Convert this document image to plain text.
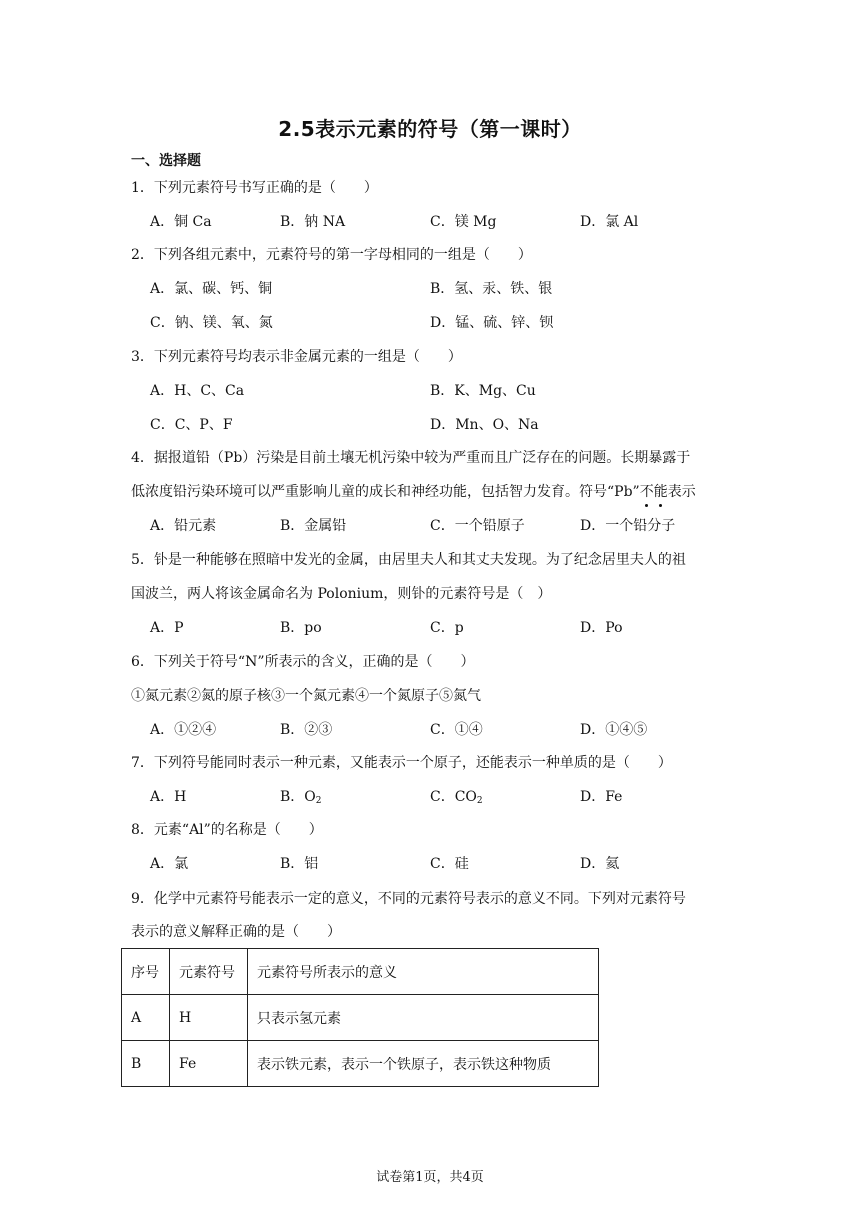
2.5表示元素的符号（第一课时）
一、选择题
1．下列元素符号书写正确的是（　　）
A．铜 Ca	B．钠 NA	C．镁 Mg	D．氯 Al
2．下列各组元素中，元素符号的第一字母相同的一组是（　　）
A．氯、碳、钙、铜	B．氢、汞、铁、银
C．钠、镁、氧、氮	D．锰、硫、锌、钡
3．下列元素符号均表示非金属元素的一组是（　　）
A．H、C、Ca	B．K、Mg、Cu
C．C、P、F	D．Mn、O、Na
4．据报道铅（Pb）污染是目前土壤无机污染中较为严重而且广泛存在的问题。长期暴露于
低浓度铅污染环境可以严重影响儿童的成长和神经功能，包括智力发育。符号“Pb”不能表示
A．铅元素	B．金属铅	C．一个铅原子	D．一个铅分子
5．钋是一种能够在照暗中发光的金属，由居里夫人和其丈夫发现。为了纪念居里夫人的祖
国波兰，两人将该金属命名为 Polonium，则钋的元素符号是（　）
A．P	B．po	C．p	D．Po
6．下列关于符号“N”所表示的含义，正确的是（　　）
①氮元素②氮的原子核③一个氮元素④一个氮原子⑤氮气
A．①②④	B．②③	C．①④	D．①④⑤
7．下列符号能同时表示一种元素，又能表示一个原子，还能表示一种单质的是（　　）
A．H	B．$O_2$	C．$CO_2$	D．Fe
8．元素“Al”的名称是（　　）
A．氯	B．铝	C．硅	D．氦
9．化学中元素符号能表示一定的意义，不同的元素符号表示的意义不同。下列对元素符号
表示的意义解释正确的是（　　）
序号	元素符号	元素符号所表示的意义
A	H	只表示氢元素
B	Fe	表示铁元素，表示一个铁原子，表示铁这种物质
试卷第1页，共4页
